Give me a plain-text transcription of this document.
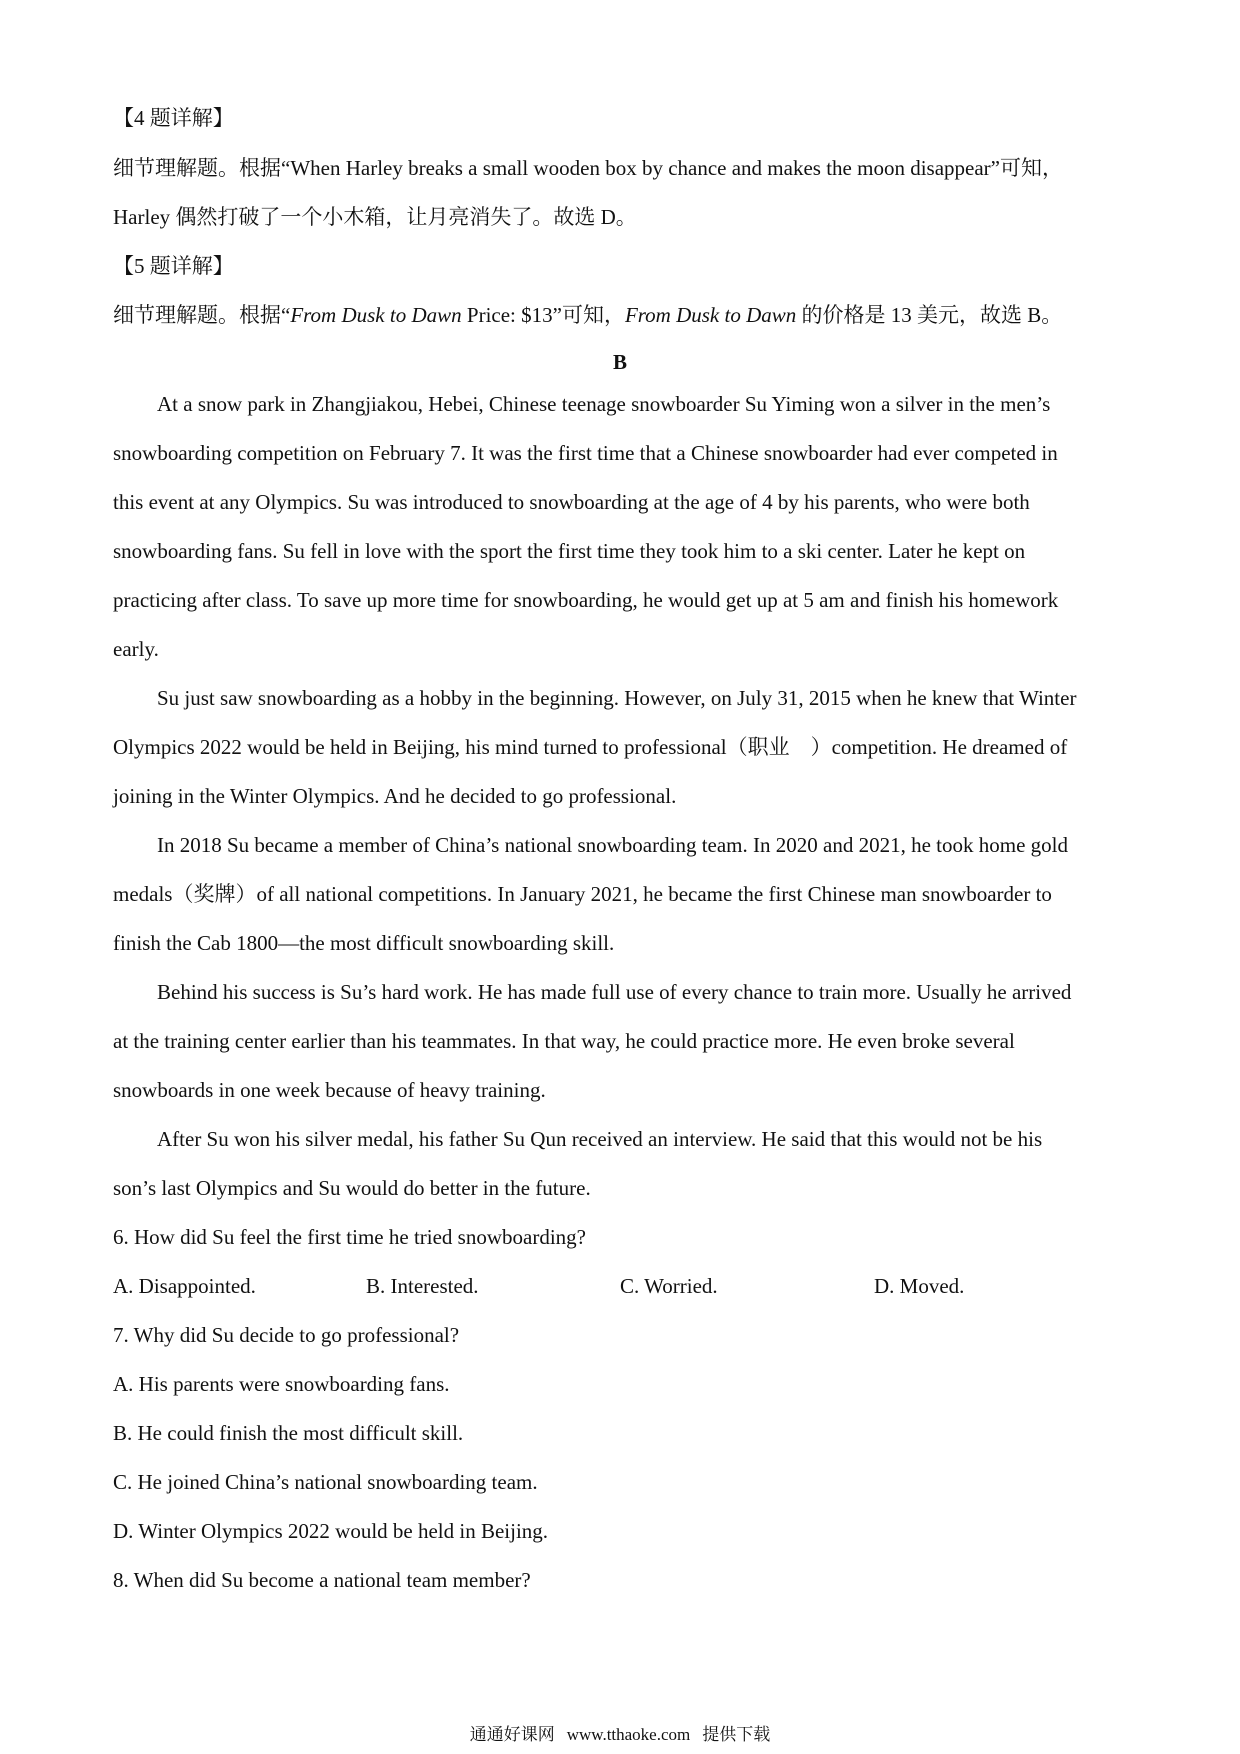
【4 题详解】
细节理解题。根据“When Harley breaks a small wooden box by chance and makes the moon disappear”可知，
Harley 偶然打破了一个小木箱，让月亮消失了。故选 D。
【5 题详解】
细节理解题。根据“From Dusk to Dawn Price: $13”可知，From Dusk to Dawn 的价格是 13 美元，故选 B。
B
At a snow park in Zhangjiakou, Hebei, Chinese teenage snowboarder Su Yiming won a silver in the men’s
snowboarding competition on February 7. It was the first time that a Chinese snowboarder had ever competed in
this event at any Olympics. Su was introduced to snowboarding at the age of 4 by his parents, who were both
snowboarding fans. Su fell in love with the sport the first time they took him to a ski center. Later he kept on
practicing after class. To save up more time for snowboarding, he would get up at 5 am and finish his homework
early.
Su just saw snowboarding as a hobby in the beginning. However, on July 31, 2015 when he knew that Winter
Olympics 2022 would be held in Beijing, his mind turned to professional（职业　）competition. He dreamed of
joining in the Winter Olympics. And he decided to go professional.
In 2018 Su became a member of China’s national snowboarding team. In 2020 and 2021, he took home gold
medals（奖牌）of all national competitions. In January 2021, he became the first Chinese man snowboarder to
finish the Cab 1800—the most difficult snowboarding skill.
Behind his success is Su’s hard work. He has made full use of every chance to train more. Usually he arrived
at the training center earlier than his teammates. In that way, he could practice more. He even broke several
snowboards in one week because of heavy training.
After Su won his silver medal, his father Su Qun received an interview. He said that this would not be his
son’s last Olympics and Su would do better in the future.
6. How did Su feel the first time he tried snowboarding?
A. Disappointed.	B. Interested.	C. Worried.	D. Moved.
7. Why did Su decide to go professional?
A. His parents were snowboarding fans.
B. He could finish the most difficult skill.
C. He joined China’s national snowboarding team.
D. Winter Olympics 2022 would be held in Beijing.
8. When did Su become a national team member?
通通好课网 www.tthaoke.com 提供下载
